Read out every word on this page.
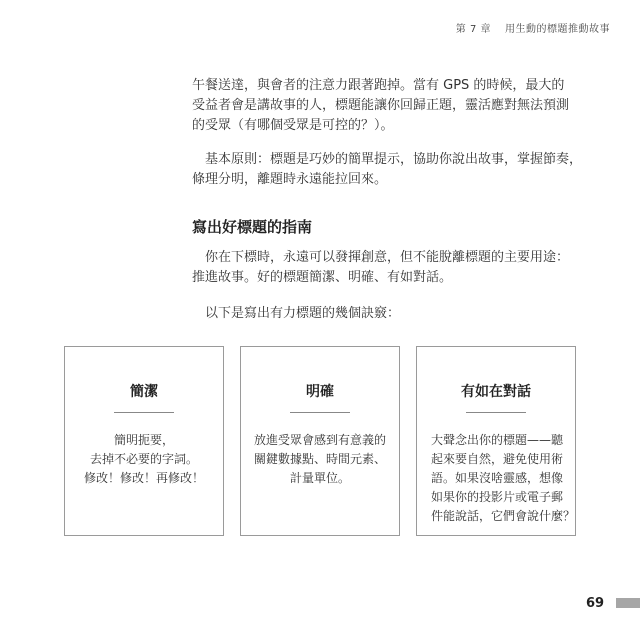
第 7 章 用生動的標題推動故事

午餐送達，與會者的注意力跟著跑掉。當有 GPS 的時候，最大的
受益者會是講故事的人，標題能讓你回歸正題，靈活應對無法預測
的受眾（有哪個受眾是可控的？）。

基本原則：標題是巧妙的簡單提示，協助你說出故事，掌握節奏，
條理分明，離題時永遠能拉回來。

寫出好標題的指南

你在下標時，永遠可以發揮創意，但不能脫離標題的主要用途：
推進故事。好的標題簡潔、明確、有如對話。

以下是寫出有力標題的幾個訣竅：

簡潔
簡明扼要，
去掉不必要的字詞。
修改！修改！再修改！
明確
放進受眾會感到有意義的
關鍵數據點、時間元素、
計量單位。
有如在對話
大聲念出你的標題——聽
起來要自然，避免使用術
語。如果沒啥靈感，想像
如果你的投影片或電子郵
件能說話，它們會說什麼？
69
